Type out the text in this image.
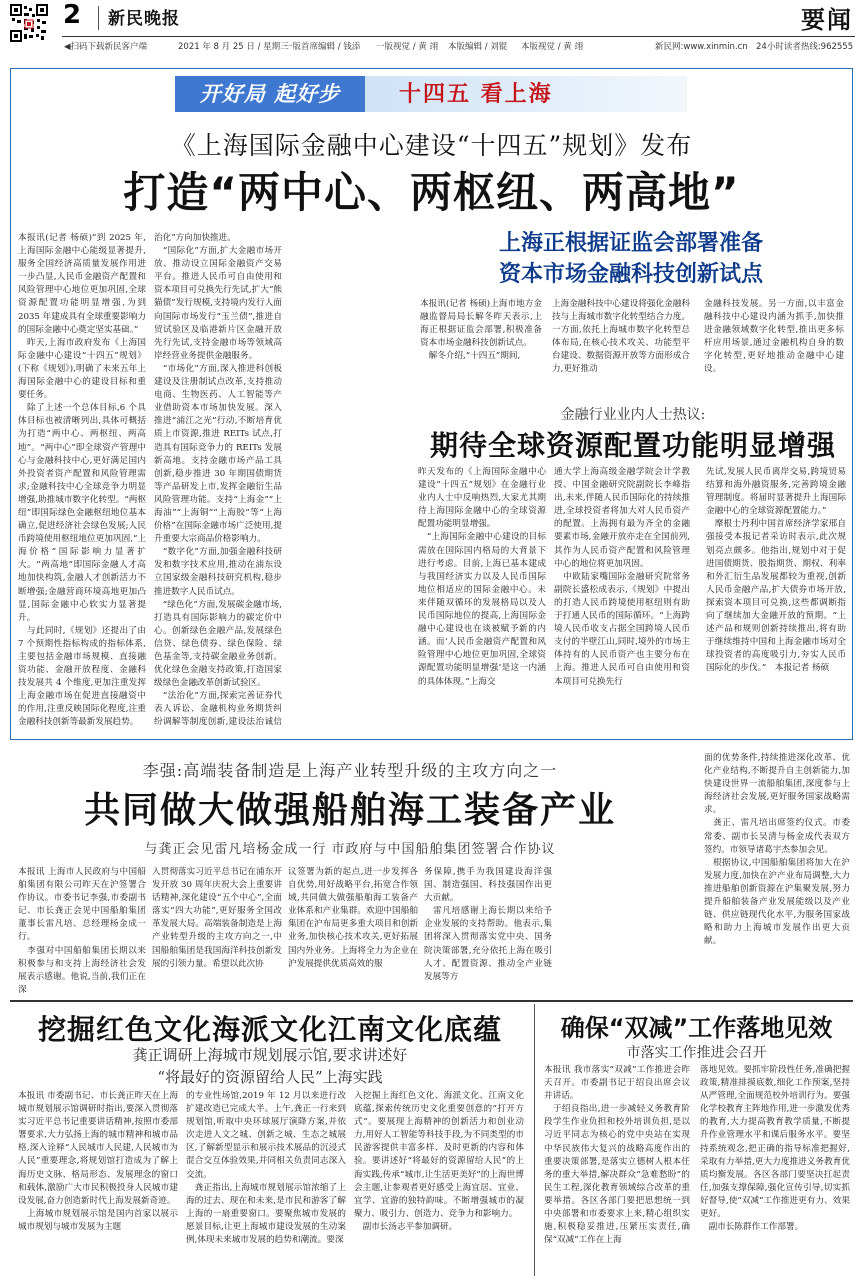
2 新民晚报	要闻
◀扫码下载新民客户端	2021 年 8 月 25 日 / 星期三
一版首席编辑 / 钱添 一版视觉 / 黄 翊 本版编辑 / 刘锟 本版视觉 / 黄 翊	新民网:www.xinmin.cn 24小时读者热线:962555
开好局 起好步	十四五 看上海
《上海国际金融中心建设“十四五”规划》发布
打造“两中心、两枢纽、两高地”
本报讯(记者 杨硕)“到 2025 年,上海国际金融中心能级显著提升,服务全国经济高质量发展作用进一步凸显,人民币金融资产配置和风险管理中心地位更加巩固,全球资源配置功能明显增强,为到 2035 年建成具有全球重要影响力的国际金融中心奠定坚实基础。”
　昨天,上海市政府发布《上海国际金融中心建设“十四五”规划》(下称《规划》),明确了未来五年上海国际金融中心的建设目标和重要任务。
　除了上述一个总体目标,6 个具体目标也被清晰列出,具体可概括为打造“两中心、两枢纽、两高地”。“两中心”即全球资产管理中心与金融科技中心,更好满足国内外投资者资产配置和风险管理需求;金融科技中心全球竞争力明显增强,助推城市数字化转型。“两枢纽”即国际绿色金融枢纽地位基本确立,促进经济社会绿色发展;人民币跨境使用枢纽地位更加巩固,“上海价格”国际影响力显著扩大。“两高地”即国际金融人才高地加快构筑,金融人才创新活力不断增强;金融营商环境高地更加凸显,国际金融中心软实力显著提升。
　与此同时,《规划》还提出了由 7 个预期性指标构成的指标体系,主要包括金融市场规模、直接融资功能、金融开放程度、金融科技发展共 4 个维度,更加注重发挥上海金融市场在促进直接融资中的作用,注重反映国际化程度,注重金融科技创新等最新发展趋势。

治化”方向加快推进。
　“国际化”方面,扩大金融市场开放、推动设立国际金融资产交易平台。推进人民币可自由使用和资本项目可兑换先行先试,扩大“熊猫债”发行规模,支持境内发行人面向国际市场发行“玉兰债”,推进自贸试验区及临港新片区金融开放先行先试,支持金融市场等领域高岸经营业务提供金融服务。
　“市场化”方面,深入推进科创板建设及注册制试点改革,支持推动电商、生物医药、人工智能等产业借助资本市场加快发展。深入推进“浦江之光”行动,不断培育优质上市资源,推进 REITs 试点,打造具有国际竞争力的 REITs 发展新高地。支持金融市场产品工具创新,稳步推进 30 年期国债期货等产品研发上市,发挥金融衍生品风险管理功能。支持“上海金”“上海油”“上海铜”“上海胶”等“上海价格”在国际金融市场广泛使用,提升重要大宗商品价格影响力。
　“数字化”方面,加强金融科技研发和数字技术应用,推动在浦东设立国家级金融科技研究机构,稳步推进数字人民币试点。
　“绿色化”方面,发展碳金融市场,打造具有国际影响力的碳定价中心。创新绿色金融产品,发展绿色信贷、绿色债券、绿色保险、绿色基金等,支持碳金融业务创新。优化绿色金融支持政策,打造国家级绿色金融改革创新试验区。
　“法治化”方面,探索完善证券代表人诉讼、金融机构业务期货纠纷调解等制度创新,建设法治诚信
上海正根据证监会部署准备
资本市场金融科技创新试点
本报讯(记者 杨硕)上海市地方金融监督局局长解冬昨天表示,上海正根据证监会部署,积极准备资本市场金融科技创新试点。
　解冬介绍,“十四五”期间,
上海金融科技中心建设将强化金融科技与上海城市数字化转型结合力度。一方面,依托上海城市数字化转型总体布局,在核心技术攻关、功能型平台建设、数据资源开放等方面形成合力,更好推动
金融科技发展。另一方面,以丰富金融科技中心建设内涵为抓手,加快推进金融领域数字化转型,推出更多标杆应用场景,通过金融机构自身的数字化转型,更好地推动金融中心建设。
金融行业业内人士热议:
期待全球资源配置功能明显增强
昨天发布的《上海国际金融中心建设“十四五”规划》在金融行业业内人士中反响热烈,大家尤其期待上海国际金融中心的全球资源配置功能明显增强。
　“上海国际金融中心建设的目标需放在国际国内格局的大背景下进行考虑。目前,上海已基本建成与我国经济实力以及人民币国际地位相适应的国际金融中心。未来伴随双循环的发展格局以及人民币国际地位的提高,上海国际金融中心建设也在谈被赋予新的内涵。而‘人民币金融资产配置和风险管理中心地位更加巩固,全球资源配置功能明显增强’是这一内涵的具体体现。”上海交
通大学上海高级金融学院会计学教授、中国金融研究院副院长李峰指出,未来,伴随人民币国际化的持续推进,全球投资者将加大对人民币资产的配置。上海拥有最为齐全的金融要素市场,金融开放亦走在全国前列,其作为人民币资产配置和风险管理中心的地位将更加巩固。
　中欧陆家嘴国际金融研究院常务副院长盛松成表示,《规划》中提出的打造人民币跨境使用枢纽则有助于打通人民币的国际循环。“上海跨境人民币收支占据全国跨境人民币支付的半壁江山,同时,境外的市场主体持有的人民币资产也主要分布在上海。推进人民币可自由使用和资本项目可兑换先行
先试,发展人民币离岸交易,跨境贸易结算和海外融资服务,完善跨境金融管理制度。将届时显著提升上海国际金融中心的全球资源配置能力。”
　摩根士丹利中国首席经济学家邢自强接受本报记者采访时表示,此次规划亮点颇多。他指出,规划中对于促进国债期货、股指期货、期权、利率和外汇衍生品发展都较为重视,创新人民币金融产品,扩大债券市场开放,探索资本项目可兑换,这些都调断指向了继续加大金融开放的预期。“上述产品和规则创新持续推出,将有助于继续维持中国和上海金融市场对全球投资者的高度吸引力,夯实人民币国际化的步伐。”　本报记者 杨硕
李强:高端装备制造是上海产业转型升级的主攻方向之一
共同做大做强船舶海工装备产业
与龚正会见雷凡培杨金成一行 市政府与中国船舶集团签署合作协议
本报讯 上海市人民政府与中国船舶集团有限公司昨天在沪签署合作协议。市委书记李强,市委副书记、市长龚正会见中国船舶集团董事长雷凡培、总经理杨金成一行。
　李强对中国船舶集团长期以来积极参与和支持上海经济社会发展表示感谢。他说,当前,我们正在深
入贯彻落实习近平总书记在浦东开发开放 30 周年庆祝大会上重要讲话精神,深化建设“五个中心”,全面落实“四大功能”,更好服务全国改革发展大局。高端装备制造是上海产业转型升级的主攻方向之一,中国船舶集团是我国海洋科技创新发展的引领力量。希望以此次协
议签署为新的起点,进一步发挥各自优势,用好战略平台,拓宽合作领域,共同做大做强船舶海工装备产业体系和产业集群。欢迎中国船舶集团在沪布局更多重大项目和创新业务,加快核心技术攻关,更好拓展国内外业务。上海将全力为企业在沪发展提供优质高效的服
务保障,携手为我国建设海洋强国、制造强国、科技强国作出更大贡献。
　雷凡培感谢上海长期以来给予企业发展的支持帮助。他表示,集团将深入贯彻落实党中央、国务院决策部署,充分依托上海在吸引人才、配置资源、推动全产业链发展等方
面的优势条件,持续推进深化改革、优化产业结构,不断提升自主创新能力,加快建设世界一流船舶集团,深度参与上海经济社会发展,更好服务国家战略需求。
　龚正、雷凡培出席签约仪式。市委常委、副市长吴清与杨金成代表双方签约。市领导诸葛宇杰参加会见。
　根据协议,中国船舶集团将加大在沪发展力度,加快在沪产业布局调整,大力推进船舶创新资源在沪集聚发展,努力提升船舶装备产业发展能级以及产业链、供应链现代化水平,为服务国家战略和助力上海城市发展作出更大贡献。
挖掘红色文化海派文化江南文化底蕴
龚正调研上海城市规划展示馆,要求讲述好
“将最好的资源留给人民”上海实践
本报讯 市委副书记、市长龚正昨天在上海城市规划展示馆调研时指出,要深入贯彻落实习近平总书记重要讲话精神,按照市委部署要求,大力弘扬上海的城市精神和城市品格,深入诠释“人民城市人民建,人民城市为人民”重要理念,将规划馆打造成为了解上海历史文脉、格局形态、发展理念的窗口和载体,激励广大市民积极投身人民城市建设发展,奋力创造新时代上海发展新奇迹。
　上海城市规划展示馆是国内首家以展示城市规划与城市发展为主题
的专业性场馆,2019 年 12 月以来进行改扩建改造已完成大半。上午,龚正一行来到规划馆,听取中央环球展厅演降方案,并依次走进人文之城、创新之城、生态之城展区,了解新型显示和展示技术展品的沉浸式混合交互体验效果,并同相关负责同志深入交流。
　龚正指出,上海城市规划展示馆浓缩了上海的过去、现在和未来,是市民和游客了解上海的一扇重要窗口。要聚焦城市发展的愿景目标,让更上海城市建设发展的生动案例,体现未来城市发展的趋势和潮流。要深
入挖掘上海红色文化、海派文化、江南文化底蕴,探索传统历史文化重要创意的“打开方式”。要展现上海精神的创新活力和创业动力,用好人工智能等科技手段,为不同类型的市民游客提供丰富多样、及时更新的内容和体验。要讲述好“将最好的资源留给人民”的上海实践,传承“城市,让生活更美好”的上海世博会主题,让参观者更好感受上海宜居、宜业、宜学、宜游的独特韵味。不断增强城市的凝聚力、吸引力、创造力、竞争力和影响力。
　副市长汤志平参加调研。
确保“双减”工作落地见效
市落实工作推进会召开
本报讯 我市落实“双减”工作推进会昨天召开。市委副书记于绍良出席会议并讲话。
　于绍良指出,进一步减轻义务教育阶段学生作业负担和校外培训负担,是以习近平同志为核心的党中央站在实现中华民族伟大复兴的战略高度作出的重要决策部署,是落实立德树人根本任务的重大举措,解决群众“急难愁盼”的民生工程,深化教育领域综合改革的重要举措。各区各部门要把思想统一到中央部署和市委要求上来,精心组织实施,积极稳妥推进,压紧压实责任,确保“双减”工作在上海
落地见效。要抓牢阶段性任务,准确把握政策,精准排摸底数,细化工作预案,坚持从严管理,全面规范校外培训行为。要强化学校教育主阵地作用,进一步激发优秀的教育,大力提高教育教学质量,不断提升作业管理水平和课后服务水平。要坚持系统观念,把正确的指导标准把握好,采取有力举措,更大力度推进义务教育优质均衡发展。各区各部门要坚决扛起责任,加强支撑保障,强化宣传引导,切实抓好督导,使“双减”工作推进更有力、效果更好。
　副市长陈群作工作部署。
